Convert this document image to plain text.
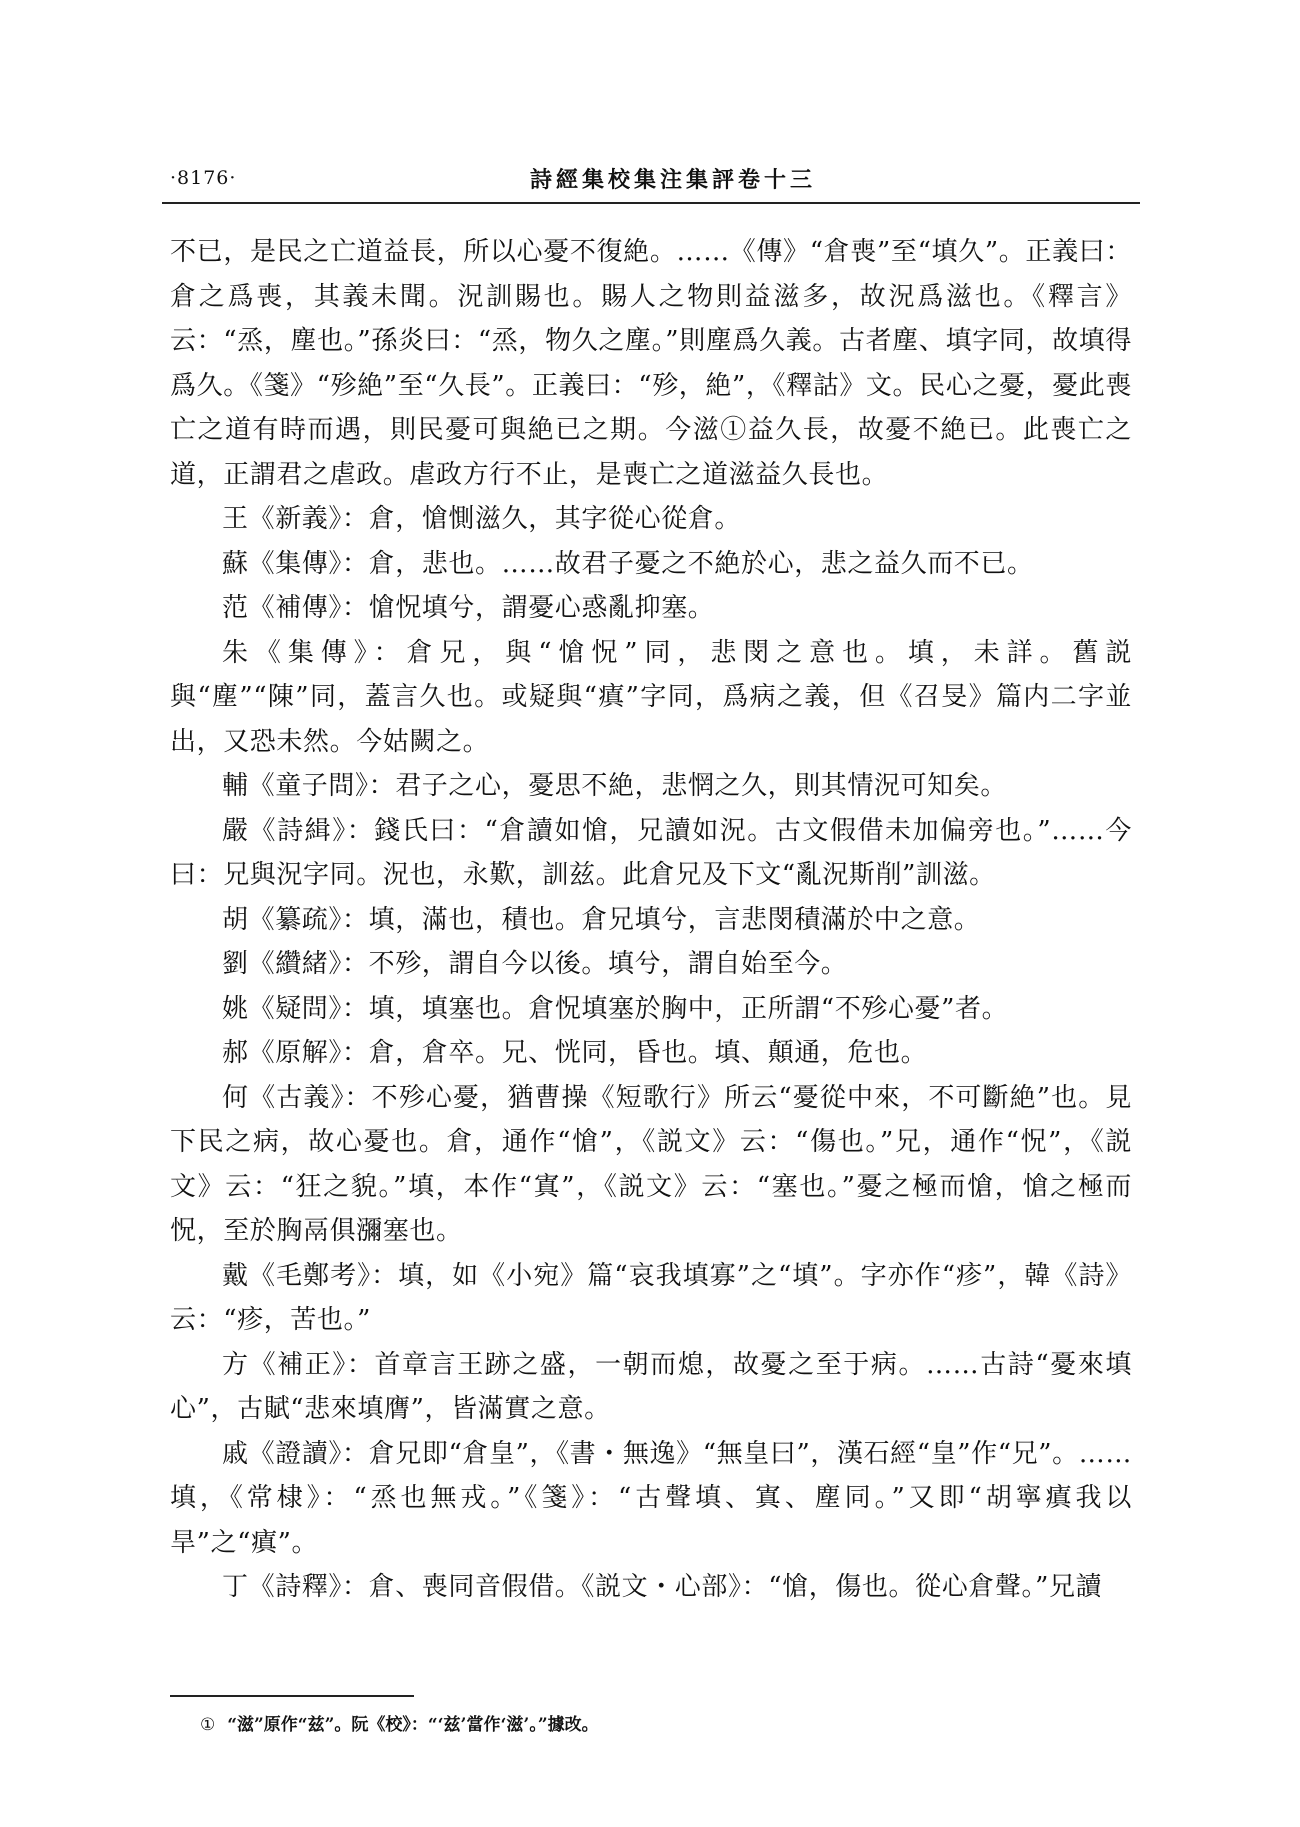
·8176·	詩經集校集注集評卷十三

不已，是民之亡道益長，所以心憂不復絶。……《傳》“倉喪”至“填久”。正義曰：倉之爲喪，其義未聞。況訓賜也。賜人之物則益滋多，故況爲滋也。《釋言》云：“烝，塵也。”孫炎曰：“烝，物久之塵。”則塵爲久義。古者塵、填字同，故填得爲久。《箋》“殄絶”至“久長”。正義曰：“殄，絶”，《釋詁》文。民心之憂，憂此喪亡之道有時而遇，則民憂可與絶已之期。今滋①益久長，故憂不絶已。此喪亡之道，正謂君之虐政。虐政方行不止，是喪亡之道滋益久長也。

王《新義》：倉，愴惻滋久，其字從心從倉。

蘇《集傳》：倉，悲也。……故君子憂之不絶於心，悲之益久而不已。

范《補傳》：愴怳填兮，謂憂心惑亂抑塞。

朱《集傳》：倉兄，與“愴怳”同，悲閔之意也。填，未詳。舊説與“塵”“陳”同，蓋言久也。或疑與“瘨”字同，爲病之義，但《召旻》篇内二字並出，又恐未然。今姑闕之。

輔《童子問》：君子之心，憂思不絶，悲惘之久，則其情況可知矣。

嚴《詩緝》：錢氏曰：“倉讀如愴，兄讀如況。古文假借未加偏旁也。”……今曰：兄與況字同。況也，永歎，訓兹。此倉兄及下文“亂況斯削”訓滋。

胡《纂疏》：填，滿也，積也。倉兄填兮，言悲閔積滿於中之意。

劉《纘緒》：不殄，謂自今以後。填兮，謂自始至今。

姚《疑問》：填，填塞也。倉怳填塞於胸中，正所謂“不殄心憂”者。

郝《原解》：倉，倉卒。兄、恍同，昏也。填、顛通，危也。

何《古義》：不殄心憂，猶曹操《短歌行》所云“憂從中來，不可斷絶”也。見下民之病，故心憂也。倉，通作“愴”，《説文》云：“傷也。”兄，通作“怳”，《説文》云：“狂之貌。”填，本作“寘”，《説文》云：“塞也。”憂之極而愴，愴之極而怳，至於胸鬲俱瀰塞也。

戴《毛鄭考》：填，如《小宛》篇“哀我填寡”之“填”。字亦作“疹”，韓《詩》云：“疹，苦也。”

方《補正》：首章言王跡之盛，一朝而熄，故憂之至于病。……古詩“憂來填心”，古賦“悲來填膺”，皆滿實之意。

戚《證讀》：倉兄即“倉皇”，《書・無逸》“無皇曰”，漢石經“皇”作“兄”。……填，《常棣》：“烝也無戎。”《箋》：“古聲填、寘、塵同。”又即“胡寧瘨我以旱”之“瘨”。

丁《詩釋》：倉、喪同音假借。《説文・心部》：“愴，傷也。從心倉聲。”兄讀

① “滋”原作“兹”。阮《校》：“‘兹’當作‘滋’。”據改。
